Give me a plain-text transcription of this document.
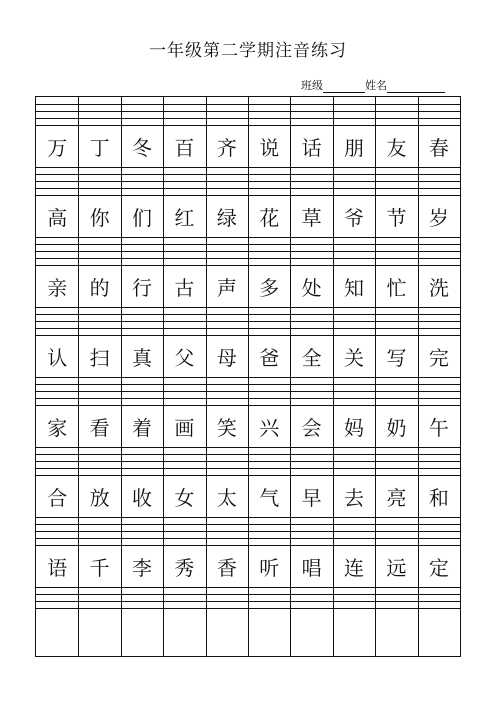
一年级第二学期注音练习
班级	姓名
万	丁	冬	百	齐	说	话	朋	友	春
高	你	们	红	绿	花	草	爷	节	岁
亲	的	行	古	声	多	处	知	忙	洗
认	扫	真	父	母	爸	全	关	写	完
家	看	着	画	笑	兴	会	妈	奶	午
合	放	收	女	太	气	早	去	亮	和
语	千	李	秀	香	听	唱	连	远	定
